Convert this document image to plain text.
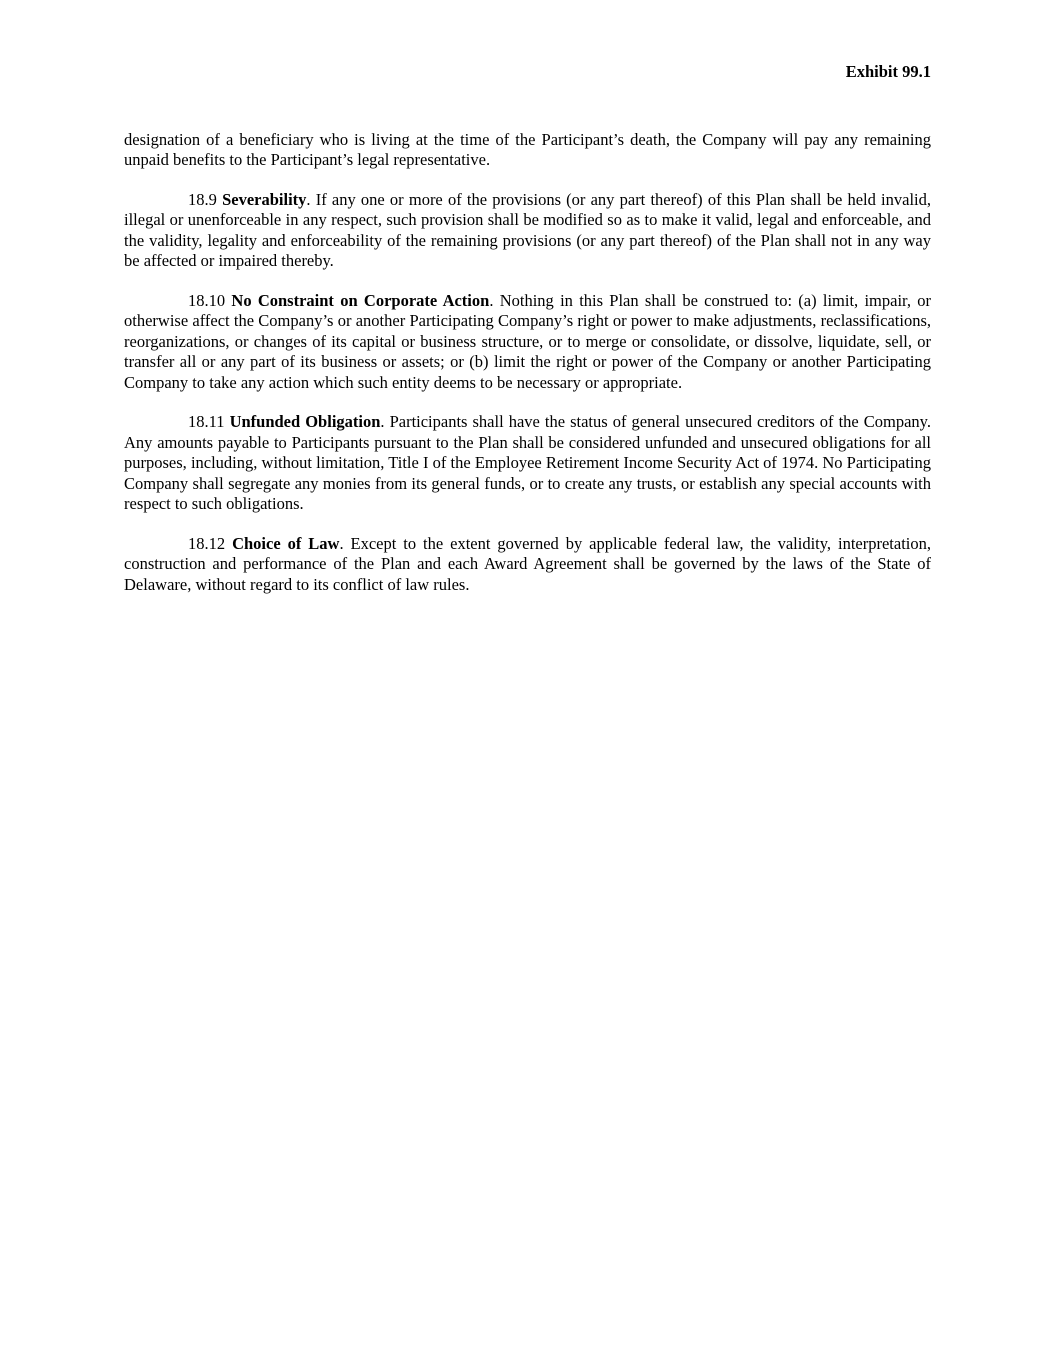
Exhibit 99.1

designation of a beneficiary who is living at the time of the Participant’s death, the Company will pay any remaining unpaid benefits to the Participant’s legal representative.

18.9 Severability. If any one or more of the provisions (or any part thereof) of this Plan shall be held invalid, illegal or unenforceable in any respect, such provision shall be modified so as to make it valid, legal and enforceable, and the validity, legality and enforceability of the remaining provisions (or any part thereof) of the Plan shall not in any way be affected or impaired thereby.

18.10 No Constraint on Corporate Action. Nothing in this Plan shall be construed to: (a) limit, impair, or otherwise affect the Company’s or another Participating Company’s right or power to make adjustments, reclassifications, reorganizations, or changes of its capital or business structure, or to merge or consolidate, or dissolve, liquidate, sell, or transfer all or any part of its business or assets; or (b) limit the right or power of the Company or another Participating Company to take any action which such entity deems to be necessary or appropriate.

18.11 Unfunded Obligation. Participants shall have the status of general unsecured creditors of the Company. Any amounts payable to Participants pursuant to the Plan shall be considered unfunded and unsecured obligations for all purposes, including, without limitation, Title I of the Employee Retirement Income Security Act of 1974. No Participating Company shall segregate any monies from its general funds, or to create any trusts, or establish any special accounts with respect to such obligations.

18.12 Choice of Law. Except to the extent governed by applicable federal law, the validity, interpretation, construction and performance of the Plan and each Award Agreement shall be governed by the laws of the State of Delaware, without regard to its conflict of law rules.
